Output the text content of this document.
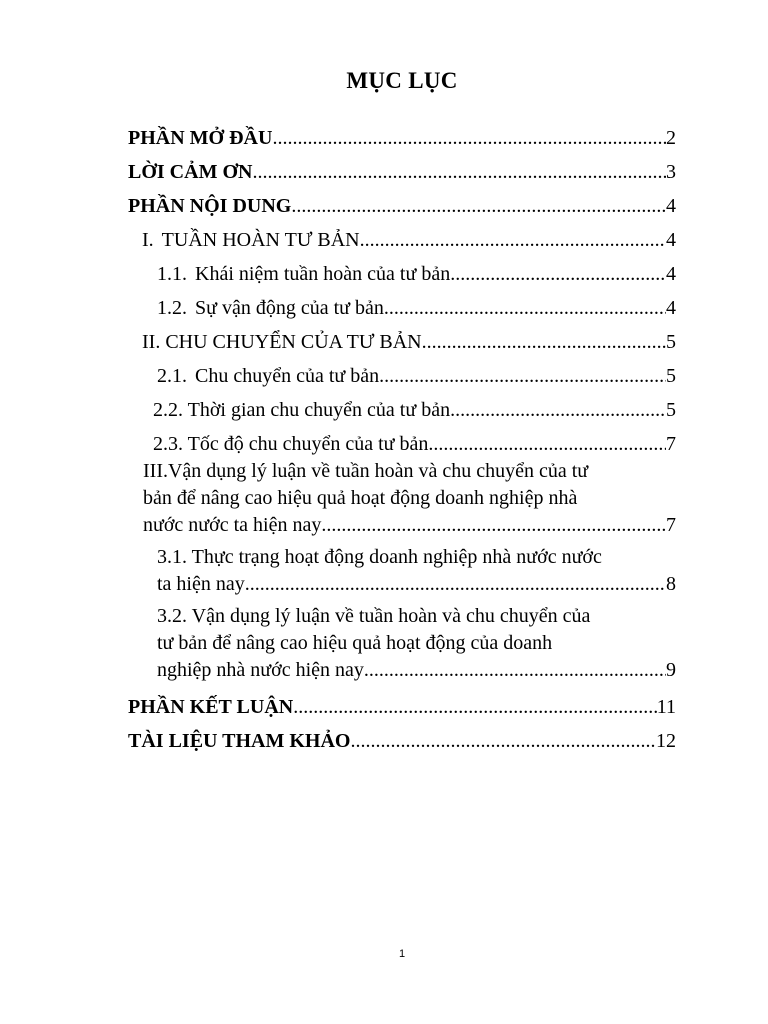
MỤC LỤC
PHẦN MỞ ĐẦU .....	2
LỜI CẢM ƠN .....	3
PHẦN NỘI DUNG .....	4
I. TUẦN HOÀN TƯ BẢN .....	4
1.1. Khái niệm tuần hoàn của tư bản .....	4
1.2. Sự vận động của tư bản .....	4
II. CHU CHUYỂN CỦA TƯ BẢN .....	5
2.1. Chu chuyển của tư bản .....	5
2.2. Thời gian chu chuyển của tư bản .....	5
2.3. Tốc độ chu chuyển của tư bản .....	7
III.Vận dụng lý luận về tuần hoàn và chu chuyển của tư
bản để nâng cao hiệu quả hoạt động doanh nghiệp nhà
nước nước ta hiện nay .....	7
3.1. Thực trạng hoạt động doanh nghiệp nhà nước nước
ta hiện nay .....	8
3.2. Vận dụng lý luận về tuần hoàn và chu chuyển của
tư bản để nâng cao hiệu quả hoạt động của doanh
nghiệp nhà nước hiện nay .....	9
PHẦN KẾT LUẬN .....	11
TÀI LIỆU THAM KHẢO .....	12
1
